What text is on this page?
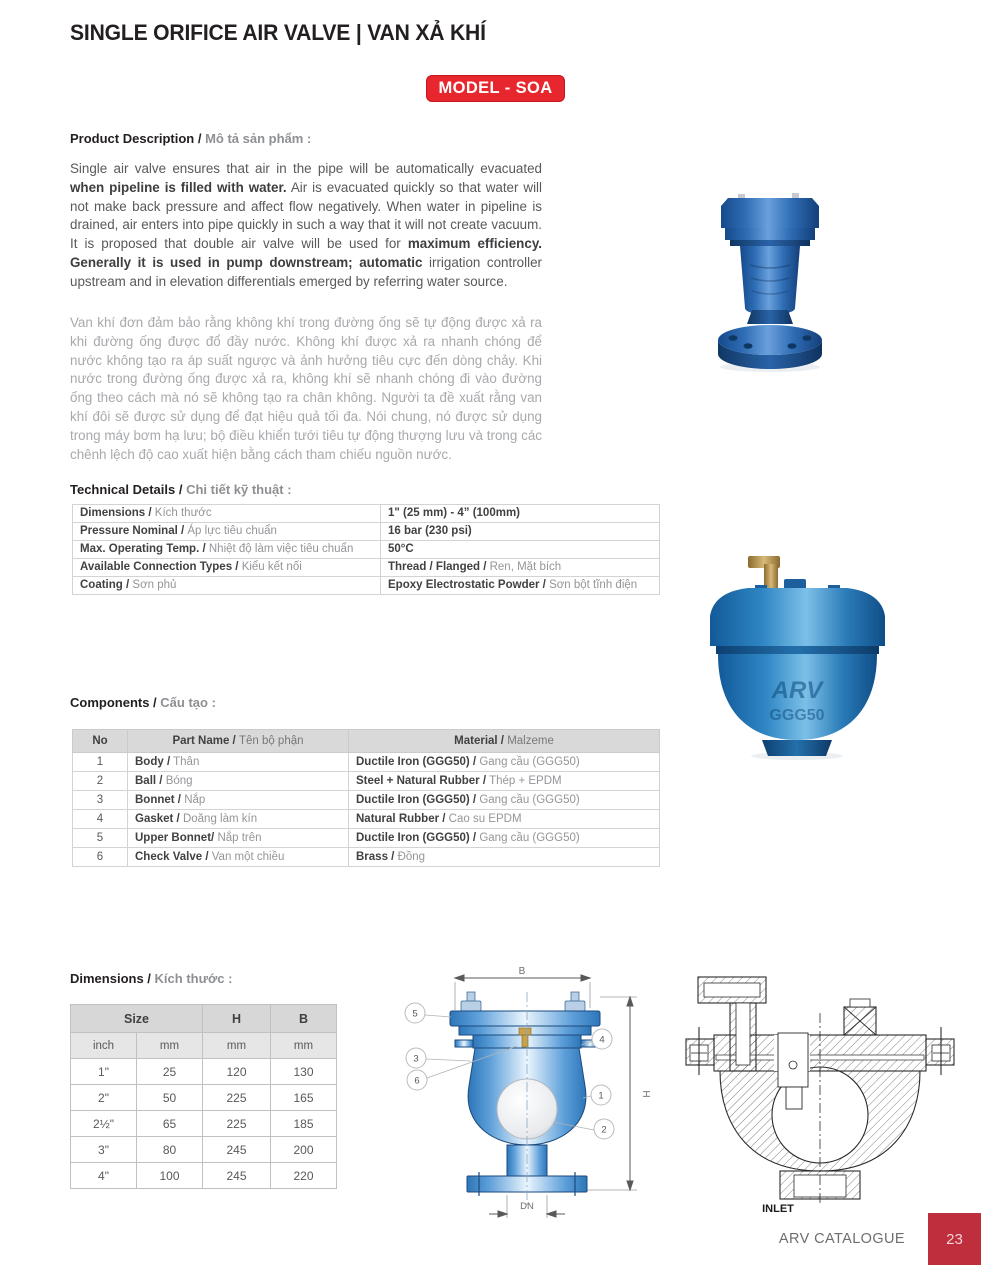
SINGLE ORIFICE AIR VALVE | VAN XẢ KHÍ
MODEL - SOA
Product Description / Mô tả sản phẩm :

Single air valve ensures that air in the pipe will be automatically evacuated when pipeline is filled with water. Air is evacuated quickly so that water will not make back pressure and affect flow negatively. When water in pipeline is drained, air enters into pipe quickly in such a way that it will not create vacuum. It is proposed that double air valve will be used for maximum efficiency. Generally it is used in pump downstream; automatic irrigation controller upstream and in elevation differentials emerged by referring water source.

Van khí đơn đảm bảo rằng không khí trong đường ống sẽ tự động được xả ra khi đường ống được đổ đầy nước. Không khí được xả ra nhanh chóng để nước không tạo ra áp suất ngược và ảnh hưởng tiêu cực đến dòng chảy. Khi nước trong đường ống được xả ra, không khí sẽ nhanh chóng đi vào đường ống theo cách mà nó sẽ không tạo ra chân không. Người ta đề xuất rằng van khí đôi sẽ được sử dụng để đạt hiệu quả tối đa. Nói chung, nó được sử dụng trong máy bơm hạ lưu; bộ điều khiển tưới tiêu tự động thượng lưu và trong các chênh lệch độ cao xuất hiện bằng cách tham chiếu nguồn nước.

Technical Details / Chi tiết kỹ thuật :
Dimensions / Kích thước	1" (25 mm) - 4” (100mm)
Pressure Nominal / Áp lực tiêu chuẩn	16 bar (230 psi)
Max. Operating Temp. / Nhiệt độ làm việc tiêu chuẩn	50°C
Available Connection Types / Kiểu kết nối	Thread / Flanged / Ren, Mặt bích
Coating / Sơn phủ	Epoxy Electrostatic Powder / Sơn bột tĩnh điện
ARV
GGG50
Components / Cấu tạo :
No	Part Name / Tên bộ phận	Material / Malzeme
1	Body / Thân	Ductile Iron (GGG50) / Gang cầu (GGG50)
2	Ball / Bóng	Steel + Natural Rubber / Thép + EPDM
3	Bonnet / Nắp	Ductile Iron (GGG50) / Gang cầu (GGG50)
4	Gasket / Doăng làm kín	Natural Rubber / Cao su EPDM
5	Upper Bonnet/ Nắp trên	Ductile Iron (GGG50) / Gang cầu (GGG50)
6	Check Valve / Van một chiều	Brass / Đồng
Dimensions / Kích thước :
Size		H	B
inch	mm	mm	mm
1"	25	120	130
2"	50	225	165
2½"	65	225	185
3"	80	245	200
4"	100	245	220
B
H
DN
5
3
6
4
1
2
INLET
ARV CATALOGUE	23
